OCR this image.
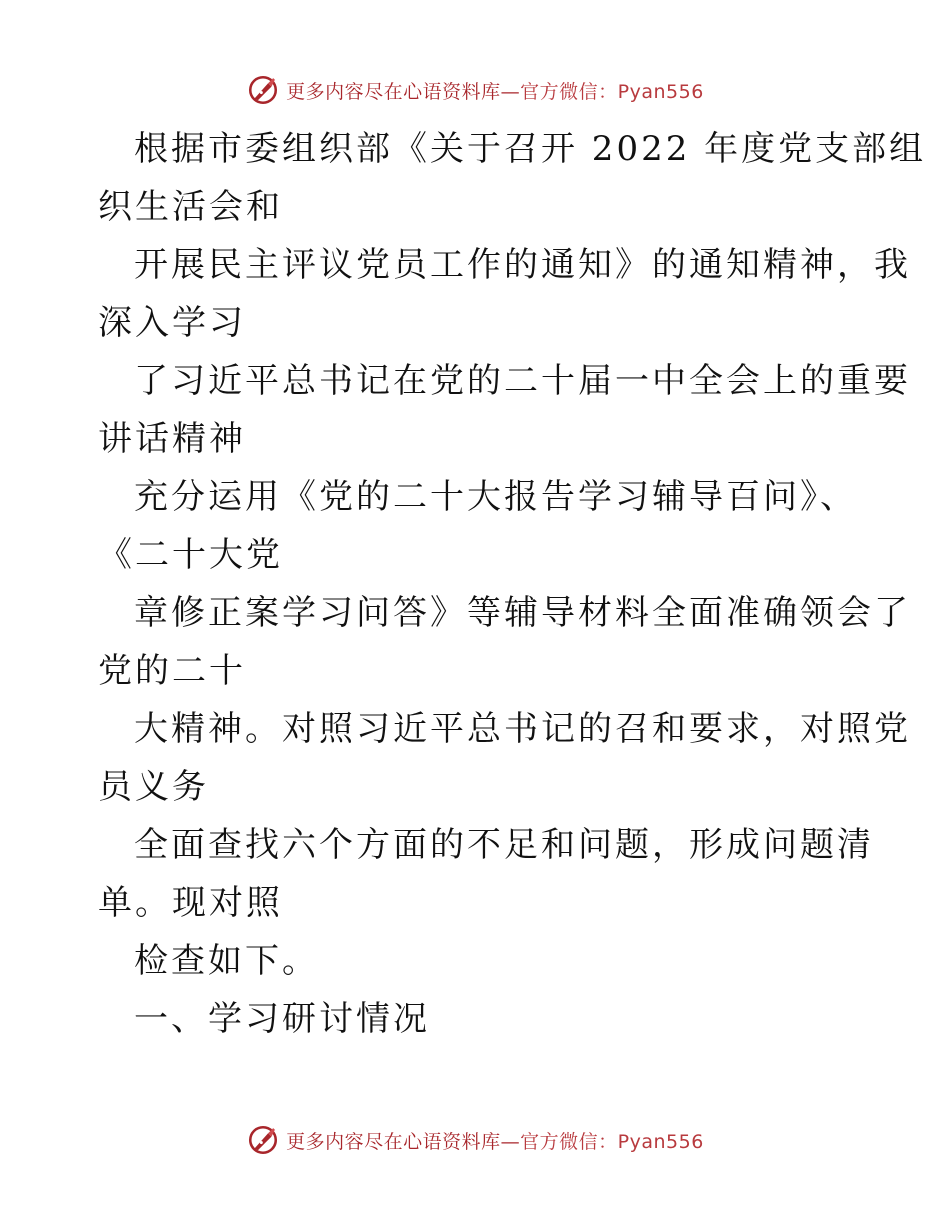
更多内容尽在心语资料库—官方微信：Pyan556
根据市委组织部《关于召开 2022 年度党支部组
织生活会和
开展民主评议党员工作的通知》的通知精神，我
深入学习
了习近平总书记在党的二十届一中全会上的重要
讲话精神
充分运用《党的二十大报告学习辅导百问》、
《二十大党
章修正案学习问答》等辅导材料全面准确领会了
党的二十
大精神。对照习近平总书记的召和要求，对照党
员义务
全面查找六个方面的不足和问题，形成问题清
单。现对照
检查如下。
一、学习研讨情况
更多内容尽在心语资料库—官方微信：Pyan556
